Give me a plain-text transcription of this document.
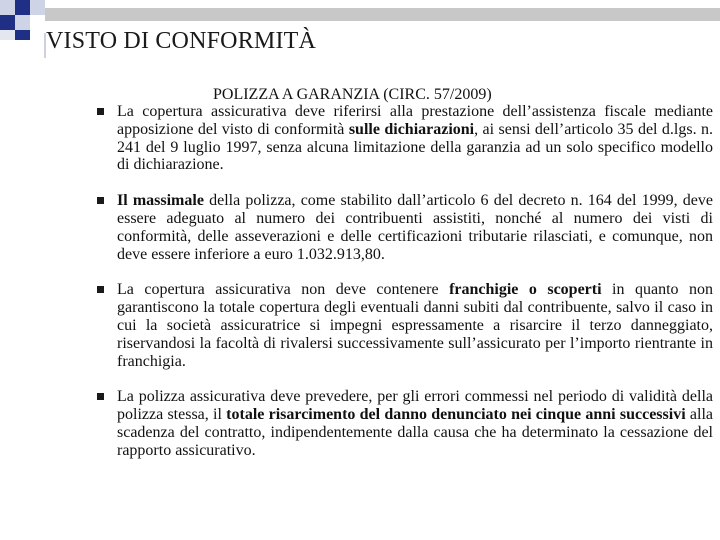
VISTO DI CONFORMITÀ
POLIZZA A GARANZIA (CIRC. 57/2009)

La copertura assicurativa deve riferirsi alla prestazione dell’assistenza fiscale mediante apposizione del visto di conformità sulle dichiarazioni, ai sensi dell’articolo 35 del d.lgs. n. 241 del 9 luglio 1997, senza alcuna limitazione della garanzia ad un solo specifico modello di dichiarazione.

Il massimale della polizza, come stabilito dall’articolo 6 del decreto n. 164 del 1999, deve essere adeguato al numero dei contribuenti assistiti, nonché al numero dei visti di conformità, delle asseverazioni e delle certificazioni tributarie rilasciati, e comunque, non deve essere inferiore a euro 1.032.913,80.

La copertura assicurativa non deve contenere franchigie o scoperti in quanto non garantiscono la totale copertura degli eventuali danni subiti dal contribuente, salvo il caso in cui la società assicuratrice si impegni espressamente a risarcire il terzo danneggiato, riservandosi la facoltà di rivalersi successivamente sull’assicurato per l’importo rientrante in franchigia.

La polizza assicurativa deve prevedere, per gli errori commessi nel periodo di validità della polizza stessa, il totale risarcimento del danno denunciato nei cinque anni successivi alla scadenza del contratto, indipendentemente dalla causa che ha determinato la cessazione del rapporto assicurativo.
